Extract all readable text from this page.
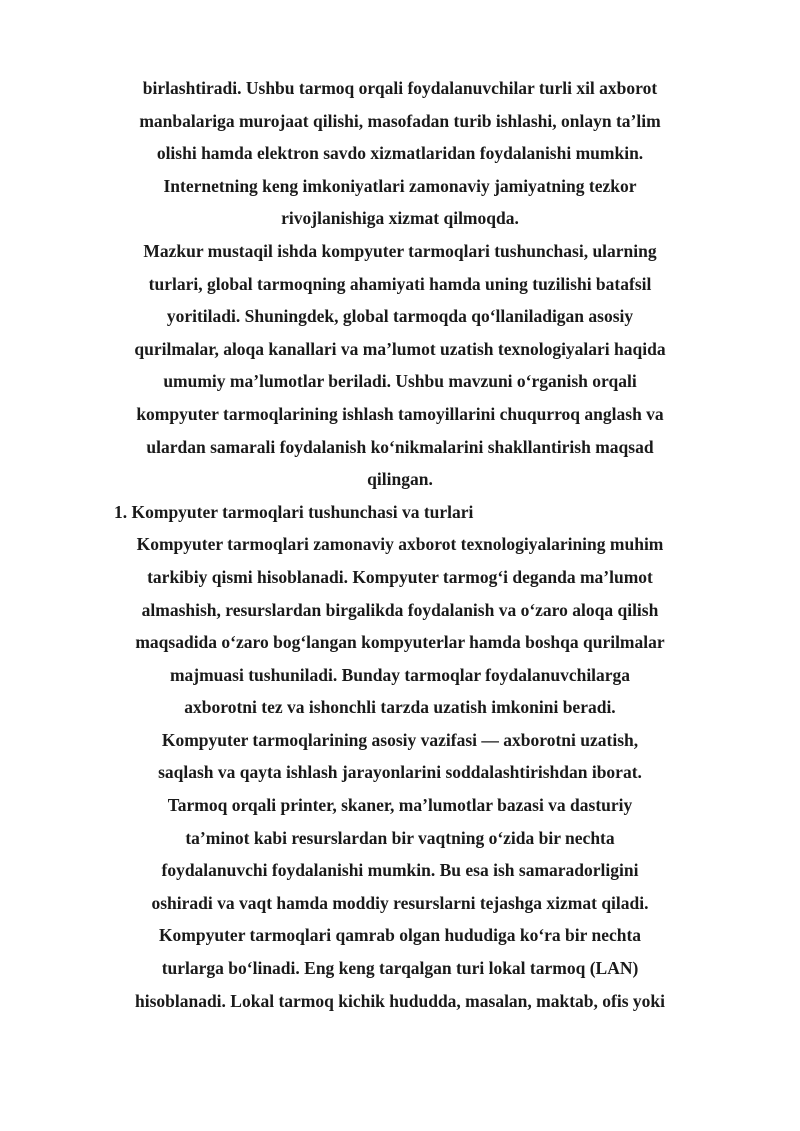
birlashtiradi. Ushbu tarmoq orqali foydalanuvchilar turli xil axborot
manbalariga murojaat qilishi, masofadan turib ishlashi, onlayn ta’lim
olishi hamda elektron savdo xizmatlaridan foydalanishi mumkin.
Internetning keng imkoniyatlari zamonaviy jamiyatning tezkor
rivojlanishiga xizmat qilmoqda.
Mazkur mustaqil ishda kompyuter tarmoqlari tushunchasi, ularning
turlari, global tarmoqning ahamiyati hamda uning tuzilishi batafsil
yoritiladi. Shuningdek, global tarmoqda qo‘llaniladigan asosiy
qurilmalar, aloqa kanallari va ma’lumot uzatish texnologiyalari haqida
umumiy ma’lumotlar beriladi. Ushbu mavzuni o‘rganish orqali
kompyuter tarmoqlarining ishlash tamoyillarini chuqurroq anglash va
ulardan samarali foydalanish ko‘nikmalarini shakllantirish maqsad
qilingan.
1. Kompyuter tarmoqlari tushunchasi va turlari
Kompyuter tarmoqlari zamonaviy axborot texnologiyalarining muhim
tarkibiy qismi hisoblanadi. Kompyuter tarmog‘i deganda ma’lumot
almashish, resurslardan birgalikda foydalanish va o‘zaro aloqa qilish
maqsadida o‘zaro bog‘langan kompyuterlar hamda boshqa qurilmalar
majmuasi tushuniladi. Bunday tarmoqlar foydalanuvchilarga
axborotni tez va ishonchli tarzda uzatish imkonini beradi.
Kompyuter tarmoqlarining asosiy vazifasi — axborotni uzatish,
saqlash va qayta ishlash jarayonlarini soddalashtirishdan iborat.
Tarmoq orqali printer, skaner, ma’lumotlar bazasi va dasturiy
ta’minot kabi resurslardan bir vaqtning o‘zida bir nechta
foydalanuvchi foydalanishi mumkin. Bu esa ish samaradorligini
oshiradi va vaqt hamda moddiy resurslarni tejashga xizmat qiladi.
Kompyuter tarmoqlari qamrab olgan hududiga ko‘ra bir nechta
turlarga bo‘linadi. Eng keng tarqalgan turi lokal tarmoq (LAN)
hisoblanadi. Lokal tarmoq kichik hududda, masalan, maktab, ofis yoki
